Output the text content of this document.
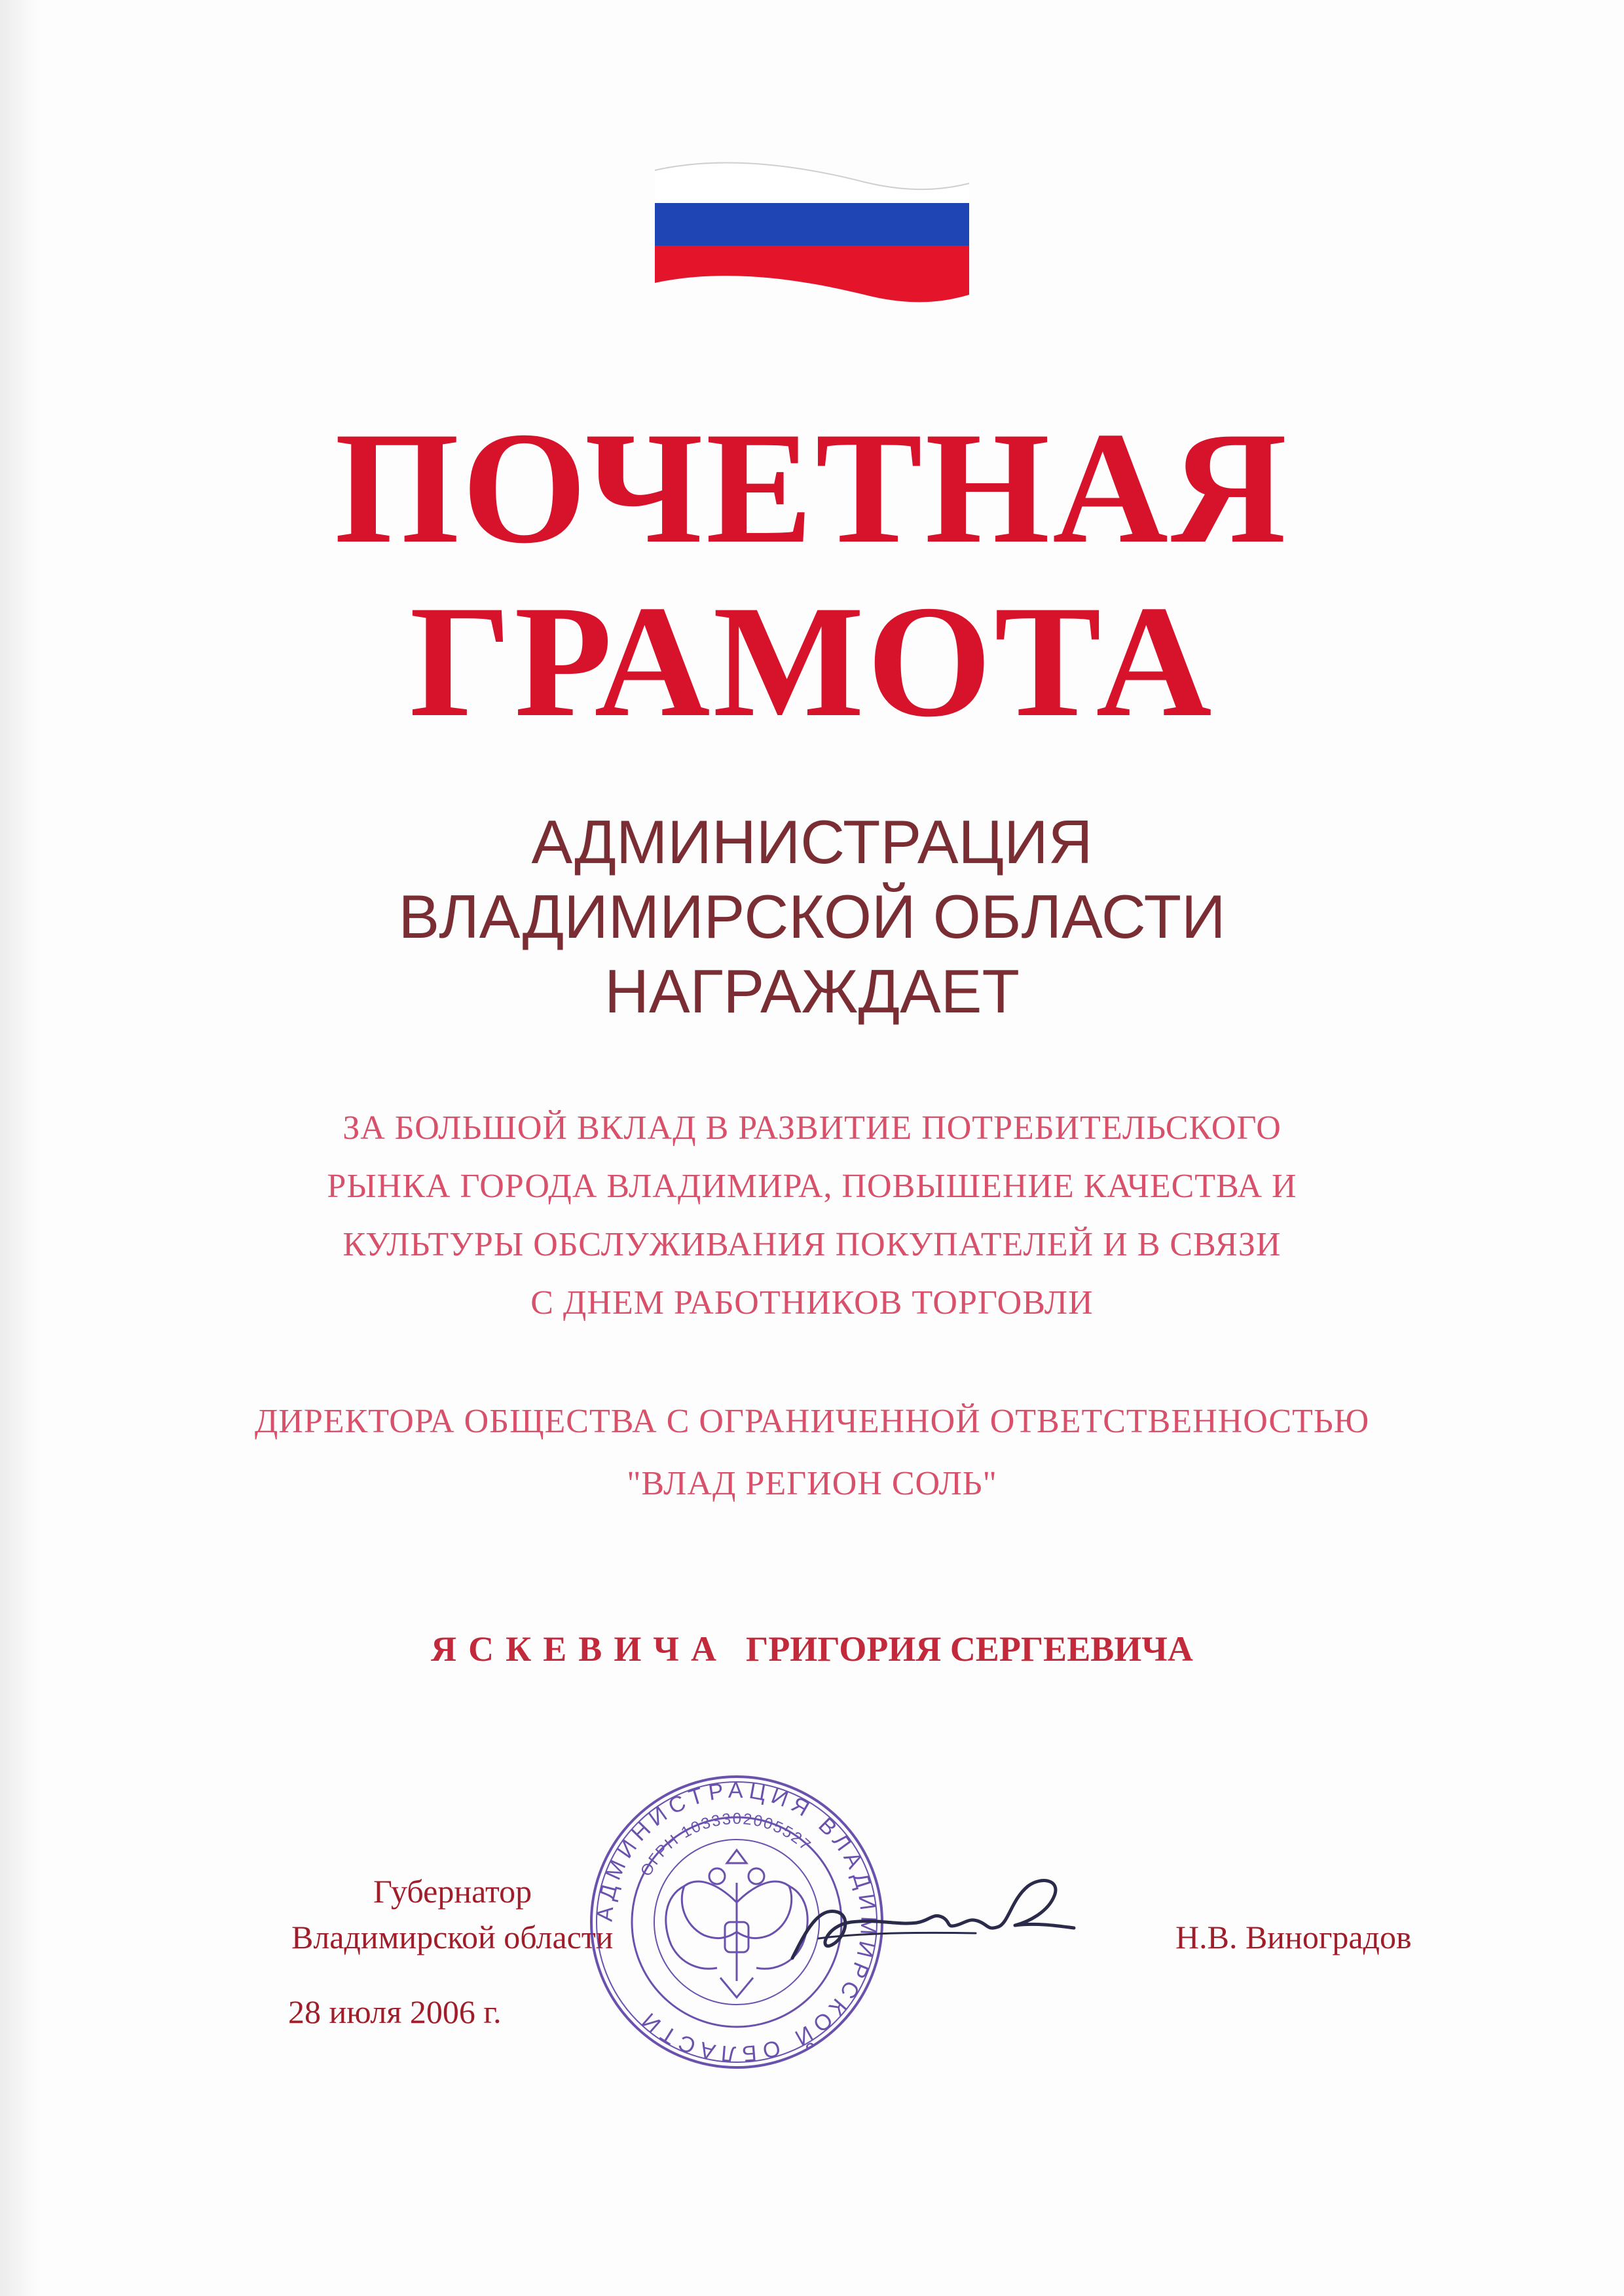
ПОЧЕТНАЯ
ГРАМОТА
АДМИНИСТРАЦИЯ
ВЛАДИМИРСКОЙ ОБЛАСТИ
НАГРАЖДАЕТ
ЗА БОЛЬШОЙ ВКЛАД В РАЗВИТИЕ ПОТРЕБИТЕЛЬСКОГО
РЫНКА ГОРОДА ВЛАДИМИРА, ПОВЫШЕНИЕ КАЧЕСТВА И
КУЛЬТУРЫ ОБСЛУЖИВАНИЯ ПОКУПАТЕЛЕЙ И В СВЯЗИ
С ДНЕМ РАБОТНИКОВ ТОРГОВЛИ
ДИРЕКТОРА ОБЩЕСТВА С ОГРАНИЧЕННОЙ ОТВЕТСТВЕННОСТЬЮ
"ВЛАД РЕГИОН СОЛЬ"
ЯСКЕВИЧА ГРИГОРИЯ СЕРГЕЕВИЧА
Губернатор
Владимирской области
28 июля 2006 г.
Н.В. Виноградов
АДМИНИСТРАЦИЯ ВЛАДИМИРСКОЙ ОБЛАСТИ
ОГРН 1033302005527
